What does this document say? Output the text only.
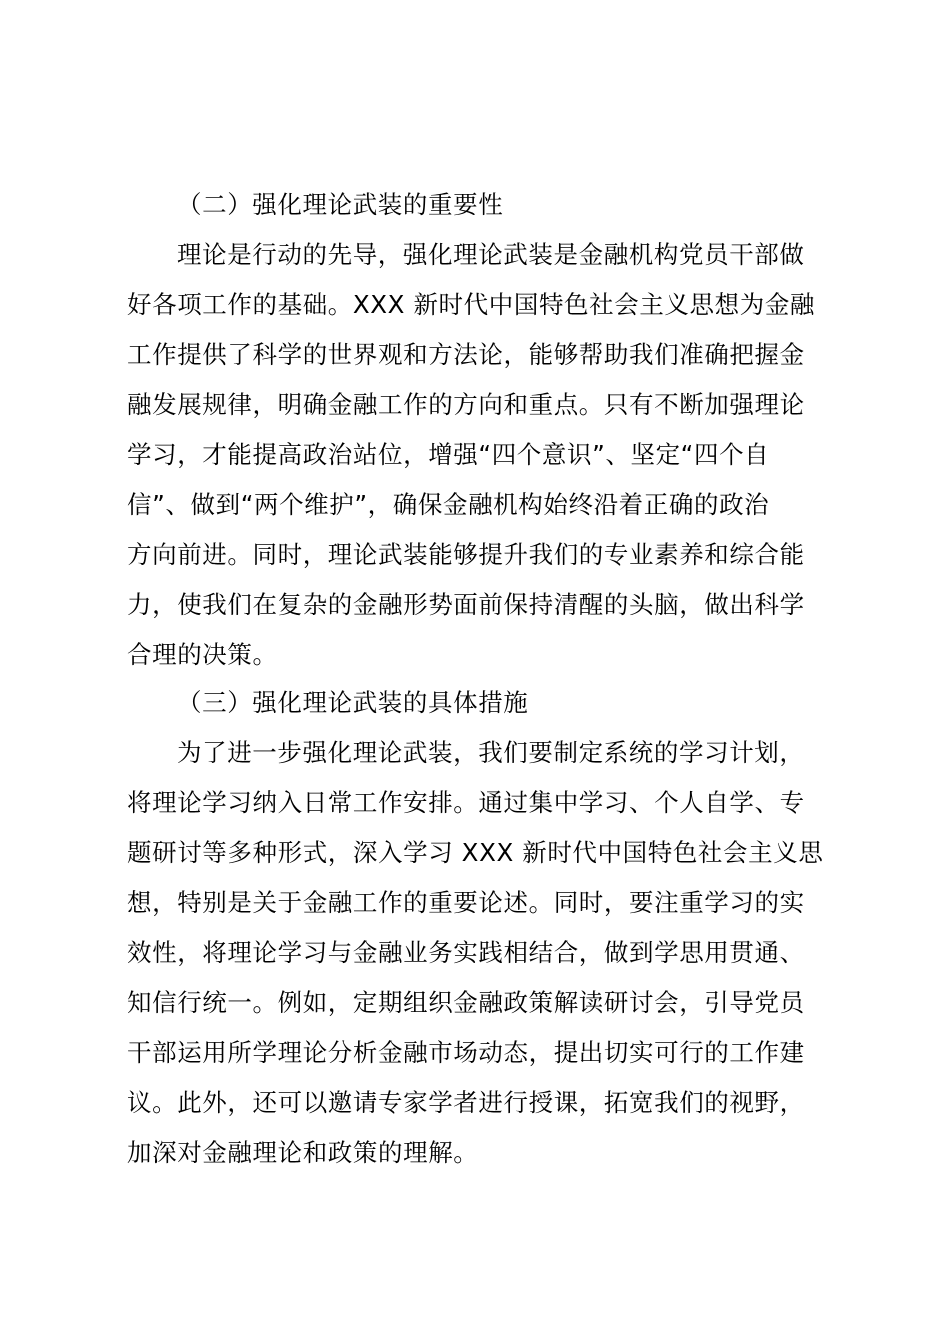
（二）强化理论武装的重要性
理论是行动的先导，强化理论武装是金融机构党员干部做
好各项工作的基础。XXX 新时代中国特色社会主义思想为金融
工作提供了科学的世界观和方法论，能够帮助我们准确把握金
融发展规律，明确金融工作的方向和重点。只有不断加强理论
学习，才能提高政治站位，增强“四个意识”、坚定“四个自
信”、做到“两个维护”，确保金融机构始终沿着正确的政治
方向前进。同时，理论武装能够提升我们的专业素养和综合能
力，使我们在复杂的金融形势面前保持清醒的头脑，做出科学
合理的决策。
（三）强化理论武装的具体措施
为了进一步强化理论武装，我们要制定系统的学习计划，
将理论学习纳入日常工作安排。通过集中学习、个人自学、专
题研讨等多种形式，深入学习 XXX 新时代中国特色社会主义思
想，特别是关于金融工作的重要论述。同时，要注重学习的实
效性，将理论学习与金融业务实践相结合，做到学思用贯通、
知信行统一。例如，定期组织金融政策解读研讨会，引导党员
干部运用所学理论分析金融市场动态，提出切实可行的工作建
议。此外，还可以邀请专家学者进行授课，拓宽我们的视野，
加深对金融理论和政策的理解。
